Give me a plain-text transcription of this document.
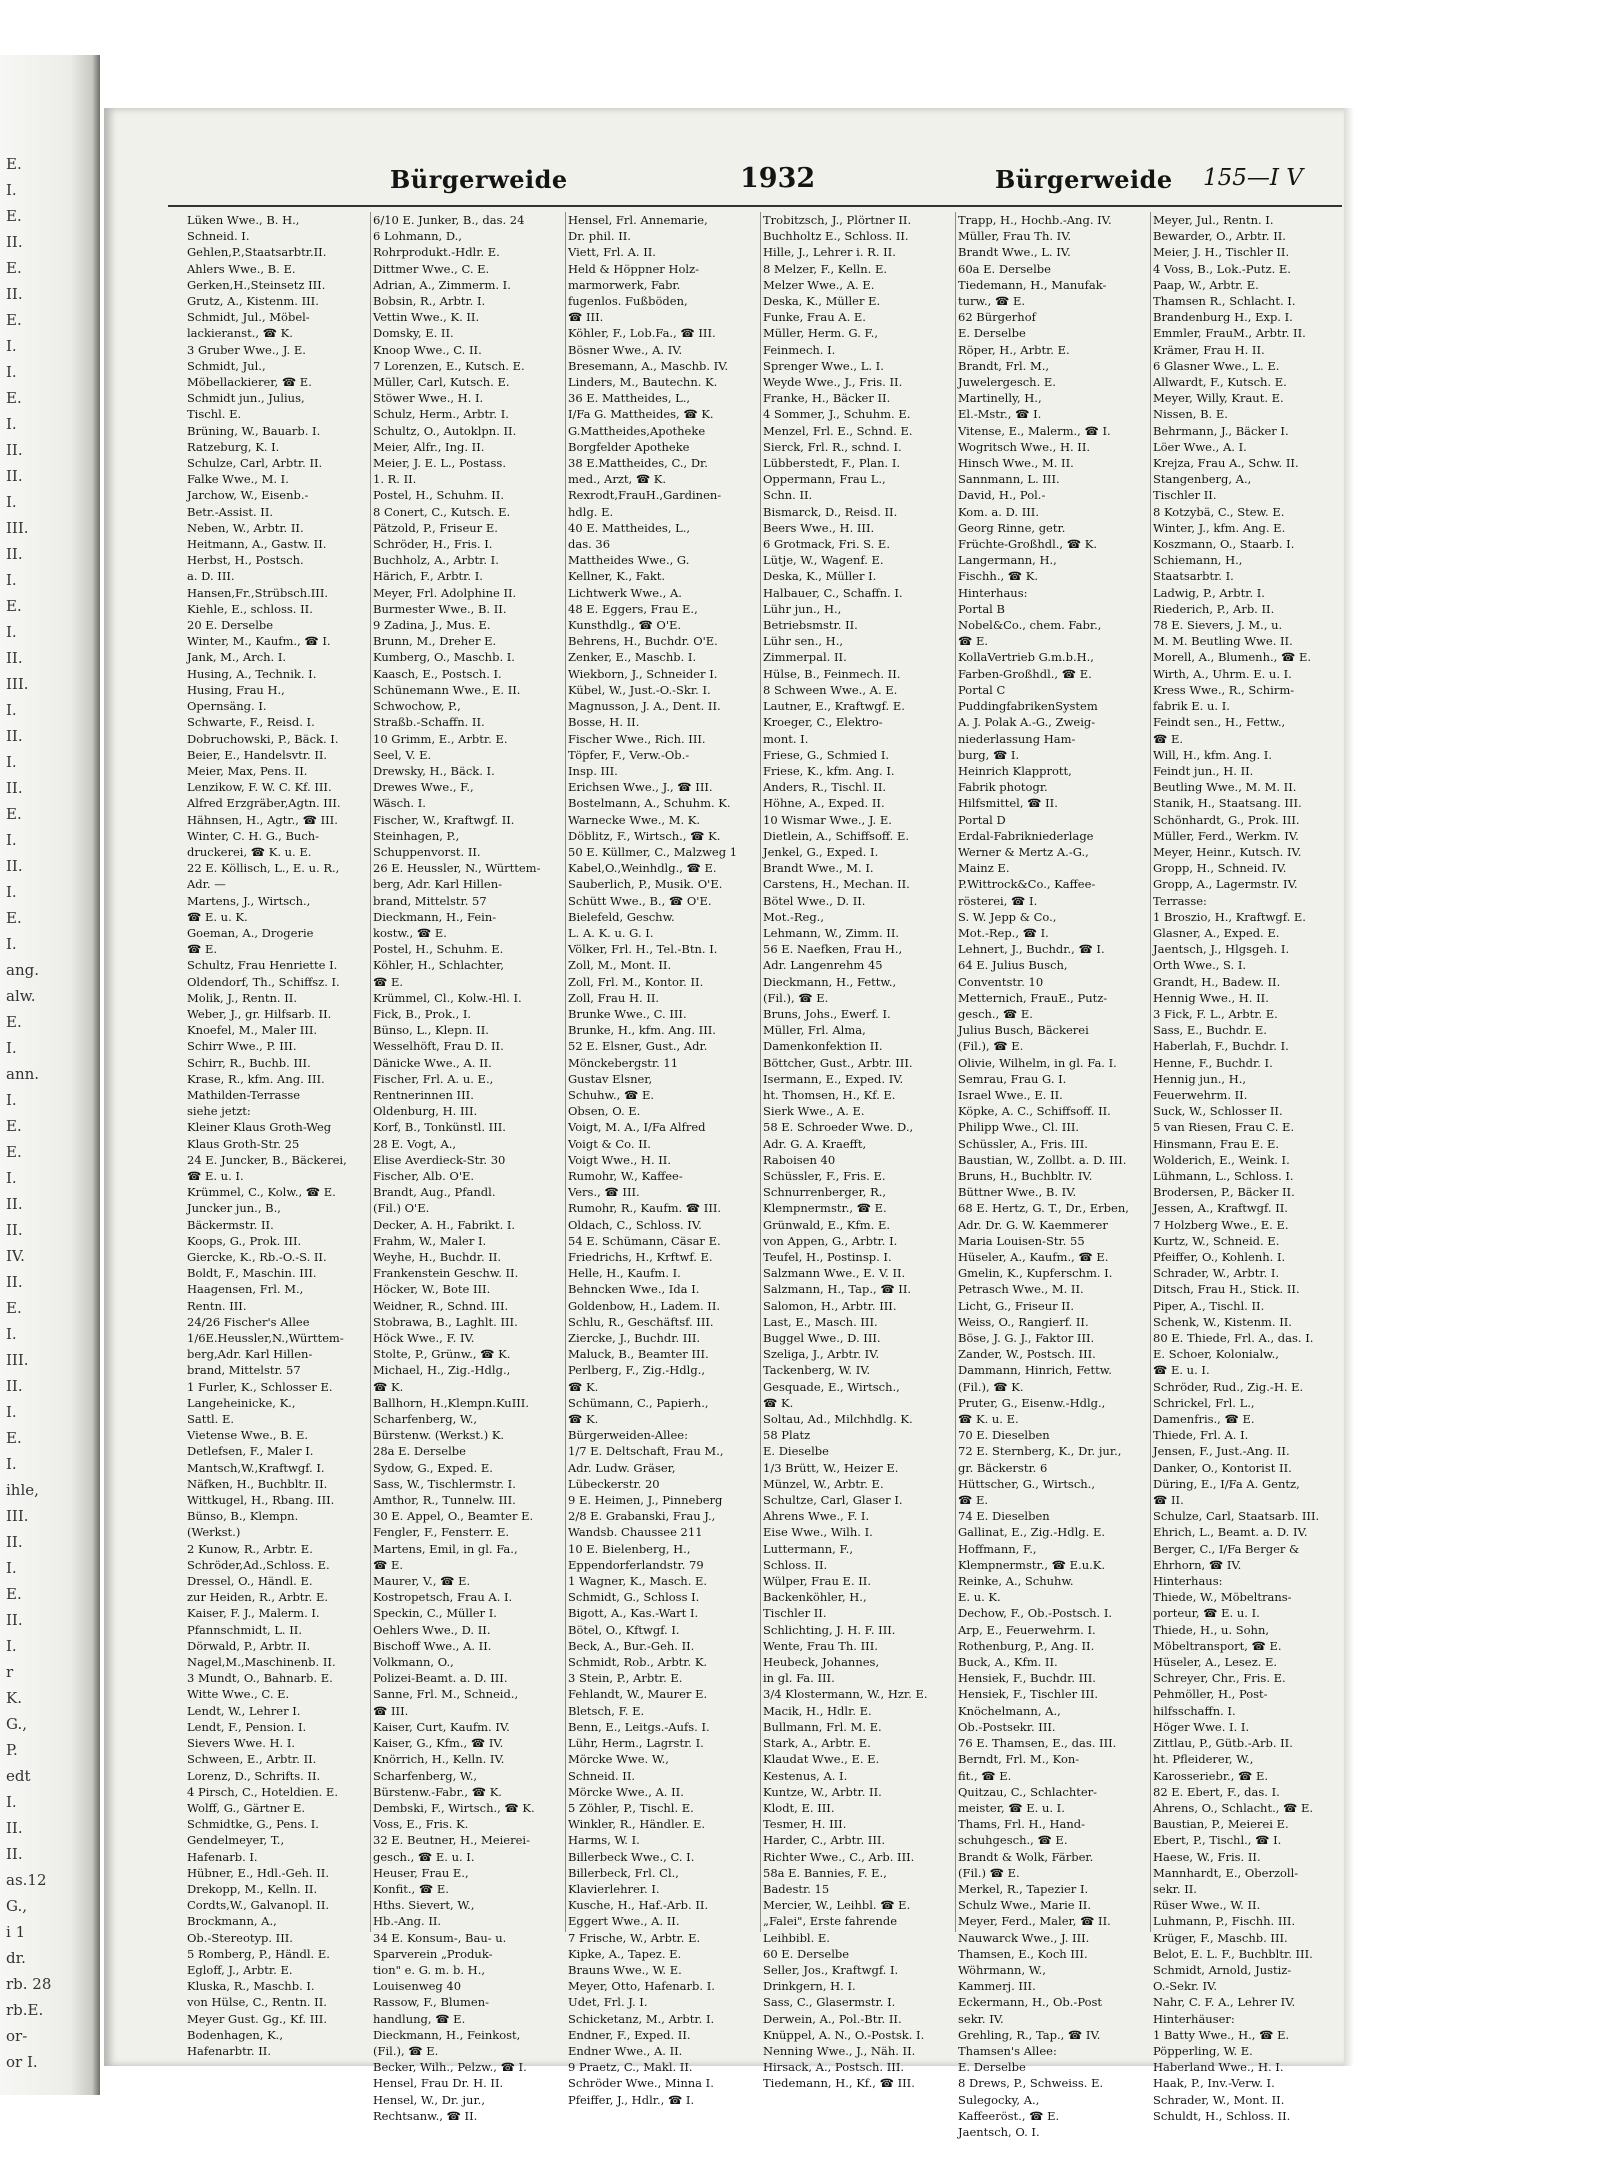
E.
I.
E.
II.
E.
II.
E.
I.
I.
E.
I.
II.
II.
I.
III.
II.
I.
E.
I.
II.
III.
I.
II.
I.
II.
E.
I.
II.
I.
E.
I.
ang.
alw.
E.
I.
ann.
I.
E.
E.
I.
II.
II.
IV.
II.
E.
I.
III.
II.
I.
E.
I.
ihle,
III.
II.
I.
E.
II.
I.
r
K.
G.,
P.
edt
I.
II.
II.
as.12
G.,
i 1
dr.
rb. 28
rb.E.
or-
or I.
Bürgerweide	1932	Bürgerweide 155—I V
Lüken Wwe., B. H.,
Schneid. I.
Gehlen,P.,Staatsarbtr.II.
Ahlers Wwe., B. E.
Gerken,H.,Steinsetz III.
Grutz, A., Kistenm. III.
Schmidt, Jul., Möbel-
lackieranst., ☎ K.
3 Gruber Wwe., J. E.
Schmidt, Jul.,
Möbellackierer, ☎ E.
Schmidt jun., Julius,
Tischl. E.
Brüning, W., Bauarb. I.
Ratzeburg, K. I.
Schulze, Carl, Arbtr. II.
Falke Wwe., M. I.
Jarchow, W., Eisenb.-
Betr.-Assist. II.
Neben, W., Arbtr. II.
Heitmann, A., Gastw. II.
Herbst, H., Postsch.
a. D. III.
Hansen,Fr.,Strübsch.III.
Kiehle, E., schloss. II.
20 E. Derselbe
Winter, M., Kaufm., ☎ I.
Jank, M., Arch. I.
Husing, A., Technik. I.
Husing, Frau H.,
Opernsäng. I.
Schwarte, F., Reisd. I.
Dobruchowski, P., Bäck. I.
Beier, E., Handelsvtr. II.
Meier, Max, Pens. II.
Lenzikow, F. W. C. Kf. III.
Alfred Erzgräber,Agtn. III.
Hähnsen, H., Agtr., ☎ III.
Winter, C. H. G., Buch-
druckerei, ☎ K. u. E.
22 E. Köllisch, L., E. u. R.,
Adr. —
Martens, J., Wirtsch.,
☎ E. u. K.
Goeman, A., Drogerie
☎ E.
Schultz, Frau Henriette I.
Oldendorf, Th., Schiffsz. I.
Molik, J., Rentn. II.
Weber, J., gr. Hilfsarb. II.
Knoefel, M., Maler III.
Schirr Wwe., P. III.
Schirr, R., Buchb. III.
Krase, R., kfm. Ang. III.
Mathilden-Terrasse
siehe jetzt:
Kleiner Klaus Groth-Weg
Klaus Groth-Str. 25
24 E. Juncker, B., Bäckerei,
☎ E. u. I.
Krümmel, C., Kolw., ☎ E.
Juncker jun., B.,
Bäckermstr. II.
Koops, G., Prok. III.
Giercke, K., Rb.-O.-S. II.
Boldt, F., Maschin. III.
Haagensen, Frl. M.,
Rentn. III.
24/26 Fischer's Allee
1/6E.Heussler,N.,Württem-
berg,Adr. Karl Hillen-
brand, Mittelstr. 57
1 Furler, K., Schlosser E.
Langeheinicke, K.,
Sattl. E.
Vietense Wwe., B. E.
Detlefsen, F., Maler I.
Mantsch,W.,Kraftwgf. I.
Näfken, H., Buchbltr. II.
Wittkugel, H., Rbang. III.
Bünso, B., Klempn.
(Werkst.)
2 Kunow, R., Arbtr. E.
Schröder,Ad.,Schloss. E.
Dressel, O., Händl. E.
zur Heiden, R., Arbtr. E.
Kaiser, F. J., Malerm. I.
Pfannschmidt, L. II.
Dörwald, P., Arbtr. II.
Nagel,M.,Maschinenb. II.
3 Mundt, O., Bahnarb. E.
Witte Wwe., C. E.
Lendt, W., Lehrer I.
Lendt, F., Pension. I.
Sievers Wwe. H. I.
Schween, E., Arbtr. II.
Lorenz, D., Schrifts. II.
4 Pirsch, C., Hoteldien. E.
Wolff, G., Gärtner E.
Schmidtke, G., Pens. I.
Gendelmeyer, T.,
Hafenarb. I.
Hübner, E., Hdl.-Geh. II.
Drekopp, M., Kelln. II.
Cordts,W., Galvanopl. II.
Brockmann, A.,
Ob.-Stereotyp. III.
5 Romberg, P., Händl. E.
Egloff, J., Arbtr. E.
Kluska, R., Maschb. I.
von Hülse, C., Rentn. II.
Meyer Gust. Gg., Kf. III.
Bodenhagen, K.,
Hafenarbtr. II.
6/10 E. Junker, B., das. 24
6 Lohmann, D.,
Rohrprodukt.-Hdlr. E.
Dittmer Wwe., C. E.
Adrian, A., Zimmerm. I.
Bobsin, R., Arbtr. I.
Vettin Wwe., K. II.
Domsky, E. II.
Knoop Wwe., C. II.
7 Lorenzen, E., Kutsch. E.
Müller, Carl, Kutsch. E.
Stöwer Wwe., H. I.
Schulz, Herm., Arbtr. I.
Schultz, O., Autoklpn. II.
Meier, Alfr., Ing. II.
Meier, J. E. L., Postass.
1. R. II.
Postel, H., Schuhm. II.
8 Conert, C., Kutsch. E.
Pätzold, P., Friseur E.
Schröder, H., Fris. I.
Buchholz, A., Arbtr. I.
Härich, F., Arbtr. I.
Meyer, Frl. Adolphine II.
Burmester Wwe., B. II.
9 Zadina, J., Mus. E.
Brunn, M., Dreher E.
Kumberg, O., Maschb. I.
Kaasch, E., Postsch. I.
Schünemann Wwe., E. II.
Schwochow, P.,
Straßb.-Schaffn. II.
10 Grimm, E., Arbtr. E.
Seel, V. E.
Drewsky, H., Bäck. I.
Drewes Wwe., F.,
Wäsch. I.
Fischer, W., Kraftwgf. II.
Steinhagen, P.,
Schuppenvorst. II.
26 E. Heussler, N., Württem-
berg, Adr. Karl Hillen-
brand, Mittelstr. 57
Dieckmann, H., Fein-
kostw., ☎ E.
Postel, H., Schuhm. E.
Köhler, H., Schlachter,
☎ E.
Krümmel, Cl., Kolw.-Hl. I.
Fick, B., Prok., I.
Bünso, L., Klepn. II.
Wesselhöft, Frau D. II.
Dänicke Wwe., A. II.
Fischer, Frl. A. u. E.,
Rentnerinnen III.
Oldenburg, H. III.
Korf, B., Tonkünstl. III.
28 E. Vogt, A.,
Elise Averdieck-Str. 30
Fischer, Alb. O'E.
Brandt, Aug., Pfandl.
(Fil.) O'E.
Decker, A. H., Fabrikt. I.
Frahm, W., Maler I.
Weyhe, H., Buchdr. II.
Frankenstein Geschw. II.
Höcker, W., Bote III.
Weidner, R., Schnd. III.
Stobrawa, B., Laghlt. III.
Höck Wwe., F. IV.
Stolte, P., Grünw., ☎ K.
Michael, H., Zig.-Hdlg.,
☎ K.
Ballhorn, H.,Klempn.KuIII.
Scharfenberg, W.,
Bürstenw. (Werkst.) K.
28a E. Derselbe
Sydow, G., Exped. E.
Sass, W., Tischlermstr. I.
Amthor, R., Tunnelw. III.
30 E. Appel, O., Beamter E.
Fengler, F., Fensterr. E.
Martens, Emil, in gl. Fa.,
☎ E.
Maurer, V., ☎ E.
Kostropetsch, Frau A. I.
Speckin, C., Müller I.
Oehlers Wwe., D. II.
Bischoff Wwe., A. II.
Volkmann, O.,
Polizei-Beamt. a. D. III.
Sanne, Frl. M., Schneid.,
☎ III.
Kaiser, Curt, Kaufm. IV.
Kaiser, G., Kfm., ☎ IV.
Knörrich, H., Kelln. IV.
Scharfenberg, W.,
Bürstenw.-Fabr., ☎ K.
Dembski, F., Wirtsch., ☎ K.
Voss, E., Fris. K.
32 E. Beutner, H., Meierei-
gesch., ☎ E. u. I.
Heuser, Frau E.,
Konfit., ☎ E.
Hths. Sievert, W.,
Hb.-Ang. II.
34 E. Konsum-, Bau- u.
Sparverein „Produk-
tion" e. G. m. b. H.,
Louisenweg 40
Rassow, F., Blumen-
handlung, ☎ E.
Dieckmann, H., Feinkost,
(Fil.), ☎ E.
Becker, Wilh., Pelzw., ☎ I.
Hensel, Frau Dr. H. II.
Hensel, W., Dr. jur.,
Rechtsanw., ☎ II.
Hensel, Frl. Annemarie,
Dr. phil. II.
Viett, Frl. A. II.
Held & Höppner Holz-
marmorwerk, Fabr.
fugenlos. Fußböden,
☎ III.
Köhler, F., Lob.Fa., ☎ III.
Bösner Wwe., A. IV.
Bresemann, A., Maschb. IV.
Linders, M., Bautechn. K.
36 E. Mattheides, L.,
I/Fa G. Mattheides, ☎ K.
G.Mattheides,Apotheke
Borgfelder Apotheke
38 E.Mattheides, C., Dr.
med., Arzt, ☎ K.
Rexrodt,FrauH.,Gardinen-
hdlg. E.
40 E. Mattheides, L.,
das. 36
Mattheides Wwe., G.
Kellner, K., Fakt.
Lichtwerk Wwe., A.
48 E. Eggers, Frau E.,
Kunsthdlg., ☎ O'E.
Behrens, H., Buchdr. O'E.
Zenker, E., Maschb. I.
Wiekborn, J., Schneider I.
Kübel, W., Just.-O.-Skr. I.
Magnusson, J. A., Dent. II.
Bosse, H. II.
Fischer Wwe., Rich. III.
Töpfer, F., Verw.-Ob.-
Insp. III.
Erichsen Wwe., J., ☎ III.
Bostelmann, A., Schuhm. K.
Warnecke Wwe., M. K.
Döblitz, F., Wirtsch., ☎ K.
50 E. Küllmer, C., Malzweg 1
Kabel,O.,Weinhdlg., ☎ E.
Sauberlich, P., Musik. O'E.
Schütt Wwe., B., ☎ O'E.
Bielefeld, Geschw.
L. A. K. u. G. I.
Völker, Frl. H., Tel.-Btn. I.
Zoll, M., Mont. II.
Zoll, Frl. M., Kontor. II.
Zoll, Frau H. II.
Brunke Wwe., C. III.
Brunke, H., kfm. Ang. III.
52 E. Elsner, Gust., Adr.
Mönckebergstr. 11
Gustav Elsner,
Schuhw., ☎ E.
Obsen, O. E.
Voigt, M. A., I/Fa Alfred
Voigt & Co. II.
Voigt Wwe., H. II.
Rumohr, W., Kaffee-
Vers., ☎ III.
Rumohr, R., Kaufm. ☎ III.
Oldach, C., Schloss. IV.
54 E. Schümann, Cäsar E.
Friedrichs, H., Krftwf. E.
Helle, H., Kaufm. I.
Behncken Wwe., Ida I.
Goldenbow, H., Ladem. II.
Schlu, R., Geschäftsf. III.
Ziercke, J., Buchdr. III.
Maluck, B., Beamter III.
Perlberg, F., Zig.-Hdlg.,
☎ K.
Schümann, C., Papierh.,
☎ K.
Bürgerweiden-Allee:
1/7 E. Deltschaft, Frau M.,
Adr. Ludw. Gräser,
Lübeckerstr. 20
9 E. Heimen, J., Pinneberg
2/8 E. Grabanski, Frau J.,
Wandsb. Chaussee 211
10 E. Bielenberg, H.,
Eppendorferlandstr. 79
1 Wagner, K., Masch. E.
Schmidt, G., Schloss I.
Bigott, A., Kas.-Wart I.
Bötel, O., Kftwgf. I.
Beck, A., Bur.-Geh. II.
Schmidt, Rob., Arbtr. K.
3 Stein, P., Arbtr. E.
Fehlandt, W., Maurer E.
Bletsch, F. E.
Benn, E., Leitgs.-Aufs. I.
Lühr, Herm., Lagrstr. I.
Mörcke Wwe. W.,
Schneid. II.
Mörcke Wwe., A. II.
5 Zöhler, P., Tischl. E.
Winkler, R., Händler. E.
Harms, W. I.
Billerbeck Wwe., C. I.
Billerbeck, Frl. Cl.,
Klavierlehrer. I.
Kusche, H., Haf.-Arb. II.
Eggert Wwe., A. II.
7 Frische, W., Arbtr. E.
Kipke, A., Tapez. E.
Brauns Wwe., W. E.
Meyer, Otto, Hafenarb. I.
Udet, Frl. J. I.
Schicketanz, M., Arbtr. I.
Endner, F., Exped. II.
Endner Wwe., A. II.
9 Praetz, C., Makl. II.
Schröder Wwe., Minna I.
Pfeiffer, J., Hdlr., ☎ I.
Trobitzsch, J., Plörtner II.
Buchholtz E., Schloss. II.
Hille, J., Lehrer i. R. II.
8 Melzer, F., Kelln. E.
Melzer Wwe., A. E.
Deska, K., Müller E.
Funke, Frau A. E.
Müller, Herm. G. F.,
Feinmech. I.
Sprenger Wwe., L. I.
Weyde Wwe., J., Fris. II.
Franke, H., Bäcker II.
4 Sommer, J., Schuhm. E.
Menzel, Frl. E., Schnd. E.
Sierck, Frl. R., schnd. I.
Lübberstedt, F., Plan. I.
Oppermann, Frau L.,
Schn. II.
Bismarck, D., Reisd. II.
Beers Wwe., H. III.
6 Grotmack, Fri. S. E.
Lütje, W., Wagenf. E.
Deska, K., Müller I.
Halbauer, C., Schaffn. I.
Lühr jun., H.,
Betriebsmstr. II.
Lühr sen., H.,
Zimmerpal. II.
Hülse, B., Feinmech. II.
8 Schween Wwe., A. E.
Lautner, E., Kraftwgf. E.
Kroeger, C., Elektro-
mont. I.
Friese, G., Schmied I.
Friese, K., kfm. Ang. I.
Anders, R., Tischl. II.
Höhne, A., Exped. II.
10 Wismar Wwe., J. E.
Dietlein, A., Schiffsoff. E.
Jenkel, G., Exped. I.
Brandt Wwe., M. I.
Carstens, H., Mechan. II.
Bötel Wwe., D. II.
Mot.-Reg.,
Lehmann, W., Zimm. II.
56 E. Naefken, Frau H.,
Adr. Langenrehm 45
Dieckmann, H., Fettw.,
(Fil.), ☎ E.
Bruns, Johs., Ewerf. I.
Müller, Frl. Alma,
Damenkonfektion II.
Böttcher, Gust., Arbtr. III.
Isermann, E., Exped. IV.
ht. Thomsen, H., Kf. E.
Sierk Wwe., A. E.
58 E. Schroeder Wwe. D.,
Adr. G. A. Kraefft,
Raboisen 40
Schüssler, F., Fris. E.
Schnurrenberger, R.,
Klempnermstr., ☎ E.
Grünwald, E., Kfm. E.
von Appen, G., Arbtr. I.
Teufel, H., Postinsp. I.
Salzmann Wwe., E. V. II.
Salzmann, H., Tap., ☎ II.
Salomon, H., Arbtr. III.
Last, E., Masch. III.
Buggel Wwe., D. III.
Szeliga, J., Arbtr. IV.
Tackenberg, W. IV.
Gesquade, E., Wirtsch.,
☎ K.
Soltau, Ad., Milchhdlg. K.
58 Platz
E. Dieselbe
1/3 Brütt, W., Heizer E.
Münzel, W., Arbtr. E.
Schultze, Carl, Glaser I.
Ahrens Wwe., F. I.
Eise Wwe., Wilh. I.
Luttermann, F.,
Schloss. II.
Wülper, Frau E. II.
Backenköhler, H.,
Tischler II.
Schlichting, J. H. F. III.
Wente, Frau Th. III.
Heubeck, Johannes,
in gl. Fa. III.
3/4 Klostermann, W., Hzr. E.
Macik, H., Hdlr. E.
Bullmann, Frl. M. E.
Stark, A., Arbtr. E.
Klaudat Wwe., E. E.
Kestenus, A. I.
Kuntze, W., Arbtr. II.
Klodt, E. III.
Tesmer, H. III.
Harder, C., Arbtr. III.
Richter Wwe., C., Arb. III.
58a E. Bannies, F. E.,
Badestr. 15
Mercier, W., Leihbl. ☎ E.
„Falei", Erste fahrende
Leihbibl. E.
60 E. Derselbe
Seller, Jos., Kraftwgf. I.
Drinkgern, H. I.
Sass, C., Glasermstr. I.
Derwein, A., Pol.-Btr. II.
Knüppel, A. N., O.-Postsk. I.
Nenning Wwe., J., Näh. II.
Hirsack, A., Postsch. III.
Tiedemann, H., Kf., ☎ III.
Trapp, H., Hochb.-Ang. IV.
Müller, Frau Th. IV.
Brandt Wwe., L. IV.
60a E. Derselbe
Tiedemann, H., Manufak-
turw., ☎ E.
62 Bürgerhof
E. Derselbe
Röper, H., Arbtr. E.
Brandt, Frl. M.,
Juwelergesch. E.
Martinelly, H.,
El.-Mstr., ☎ I.
Vitense, E., Malerm., ☎ I.
Wogritsch Wwe., H. II.
Hinsch Wwe., M. II.
Sannmann, L. III.
David, H., Pol.-
Kom. a. D. III.
Georg Rinne, getr.
Früchte-Großhdl., ☎ K.
Langermann, H.,
Fischh., ☎ K.
Hinterhaus:
Portal B
Nobel&Co., chem. Fabr.,
☎ E.
KollaVertrieb G.m.b.H.,
Farben-Großhdl., ☎ E.
Portal C
PuddingfabrikenSystem
A. J. Polak A.-G., Zweig-
niederlassung Ham-
burg, ☎ I.
Heinrich Klapprott,
Fabrik photogr.
Hilfsmittel, ☎ II.
Portal D
Erdal-Fabrikniederlage
Werner & Mertz A.-G.,
Mainz E.
P.Wittrock&Co., Kaffee-
rösterei, ☎ I.
S. W. Jepp & Co.,
Mot.-Rep., ☎ I.
Lehnert, J., Buchdr., ☎ I.
64 E. Julius Busch,
Conventstr. 10
Metternich, FrauE., Putz-
gesch., ☎ E.
Julius Busch, Bäckerei
(Fil.), ☎ E.
Olivie, Wilhelm, in gl. Fa. I.
Semrau, Frau G. I.
Israel Wwe., E. II.
Köpke, A. C., Schiffsoff. II.
Philipp Wwe., Cl. III.
Schüssler, A., Fris. III.
Baustian, W., Zollbt. a. D. III.
Bruns, H., Buchbltr. IV.
Büttner Wwe., B. IV.
68 E. Hertz, G. T., Dr., Erben,
Adr. Dr. G. W. Kaemmerer
Maria Louisen-Str. 55
Hüseler, A., Kaufm., ☎ E.
Gmelin, K., Kupferschm. I.
Petrasch Wwe., M. II.
Licht, G., Friseur II.
Weiss, O., Rangierf. II.
Böse, J. G. J., Faktor III.
Zander, W., Postsch. III.
Dammann, Hinrich, Fettw.
(Fil.), ☎ K.
Pruter, G., Eisenw.-Hdlg.,
☎ K. u. E.
70 E. Dieselben
72 E. Sternberg, K., Dr. jur.,
gr. Bäckerstr. 6
Hüttscher, G., Wirtsch.,
☎ E.
74 E. Dieselben
Gallinat, E., Zig.-Hdlg. E.
Hoffmann, F.,
Klempnermstr., ☎ E.u.K.
Reinke, A., Schuhw.
E. u. K.
Dechow, F., Ob.-Postsch. I.
Arp, E., Feuerwehrm. I.
Rothenburg, P., Ang. II.
Buck, A., Kfm. II.
Hensiek, F., Buchdr. III.
Hensiek, F., Tischler III.
Knöchelmann, A.,
Ob.-Postsekr. III.
76 E. Thamsen, E., das. III.
Berndt, Frl. M., Kon-
fit., ☎ E.
Quitzau, C., Schlachter-
meister, ☎ E. u. I.
Thams, Frl. H., Hand-
schuhgesch., ☎ E.
Brandt & Wolk, Färber.
(Fil.) ☎ E.
Merkel, R., Tapezier I.
Schulz Wwe., Marie II.
Meyer, Ferd., Maler, ☎ II.
Nauwarck Wwe., J. III.
Thamsen, E., Koch III.
Wöhrmann, W.,
Kammerj. III.
Eckermann, H., Ob.-Post
sekr. IV.
Grehling, R., Tap., ☎ IV.
Thamsen's Allee:
E. Derselbe
8 Drews, P., Schweiss. E.
Sulegocky, A.,
Kaffeeröst., ☎ E.
Jaentsch, O. I.
Meyer, Jul., Rentn. I.
Bewarder, O., Arbtr. II.
Meier, J. H., Tischler II.
4 Voss, B., Lok.-Putz. E.
Paap, W., Arbtr. E.
Thamsen R., Schlacht. I.
Brandenburg H., Exp. I.
Emmler, FrauM., Arbtr. II.
Krämer, Frau H. II.
6 Glasner Wwe., L. E.
Allwardt, F., Kutsch. E.
Meyer, Willy, Kraut. E.
Nissen, B. E.
Behrmann, J., Bäcker I.
Löer Wwe., A. I.
Krejza, Frau A., Schw. II.
Stangenberg, A.,
Tischler II.
8 Kotzybä, C., Stew. E.
Winter, J., kfm. Ang. E.
Koszmann, O., Staarb. I.
Schiemann, H.,
Staatsarbtr. I.
Ladwig, P., Arbtr. I.
Riederich, P., Arb. II.
78 E. Sievers, J. M., u.
M. M. Beutling Wwe. II.
Morell, A., Blumenh., ☎ E.
Wirth, A., Uhrm. E. u. I.
Kress Wwe., R., Schirm-
fabrik E. u. I.
Feindt sen., H., Fettw.,
☎ E.
Will, H., kfm. Ang. I.
Feindt jun., H. II.
Beutling Wwe., M. M. II.
Stanik, H., Staatsang. III.
Schönhardt, G., Prok. III.
Müller, Ferd., Werkm. IV.
Meyer, Heinr., Kutsch. IV.
Gropp, H., Schneid. IV.
Gropp, A., Lagermstr. IV.
Terrasse:
1 Broszio, H., Kraftwgf. E.
Glasner, A., Exped. E.
Jaentsch, J., Hlgsgeh. I.
Orth Wwe., S. I.
Grandt, H., Badew. II.
Hennig Wwe., H. II.
3 Fick, F. L., Arbtr. E.
Sass, E., Buchdr. E.
Haberlah, F., Buchdr. I.
Henne, F., Buchdr. I.
Hennig jun., H.,
Feuerwehrm. II.
Suck, W., Schlosser II.
5 van Riesen, Frau C. E.
Hinsmann, Frau E. E.
Wolderich, E., Weink. I.
Lühmann, L., Schloss. I.
Brodersen, P., Bäcker II.
Jessen, A., Kraftwgf. II.
7 Holzberg Wwe., E. E.
Kurtz, W., Schneid. E.
Pfeiffer, O., Kohlenh. I.
Schrader, W., Arbtr. I.
Ditsch, Frau H., Stick. II.
Piper, A., Tischl. II.
Schenk, W., Kistenm. II.
80 E. Thiede, Frl. A., das. I.
E. Schoer, Kolonialw.,
☎ E. u. I.
Schröder, Rud., Zig.-H. E.
Schrickel, Frl. L.,
Damenfris., ☎ E.
Thiede, Frl. A. I.
Jensen, F., Just.-Ang. II.
Danker, O., Kontorist II.
Düring, E., I/Fa A. Gentz,
☎ II.
Schulze, Carl, Staatsarb. III.
Ehrich, L., Beamt. a. D. IV.
Berger, C., I/Fa Berger &
Ehrhorn, ☎ IV.
Hinterhaus:
Thiede, W., Möbeltrans-
porteur, ☎ E. u. I.
Thiede, H., u. Sohn,
Möbeltransport, ☎ E.
Hüseler, A., Lesez. E.
Schreyer, Chr., Fris. E.
Pehmöller, H., Post-
hilfsschaffn. I.
Höger Wwe. I. I.
Zittlau, P., Gütb.-Arb. II.
ht. Pfleiderer, W.,
Karosseriebr., ☎ E.
82 E. Ebert, F., das. I.
Ahrens, O., Schlacht., ☎ E.
Baustian, P., Meierei E.
Ebert, P., Tischl., ☎ I.
Haese, W., Fris. II.
Mannhardt, E., Oberzoll-
sekr. II.
Rüser Wwe., W. II.
Luhmann, P., Fischh. III.
Krüger, F., Maschb. III.
Belot, E. L. F., Buchbltr. III.
Schmidt, Arnold, Justiz-
O.-Sekr. IV.
Nahr, C. F. A., Lehrer IV.
Hinterhäuser:
1 Batty Wwe., H., ☎ E.
Pöpperling, W. E.
Haberland Wwe., H. I.
Haak, P., Inv.-Verw. I.
Schrader, W., Mont. II.
Schuldt, H., Schloss. II.
